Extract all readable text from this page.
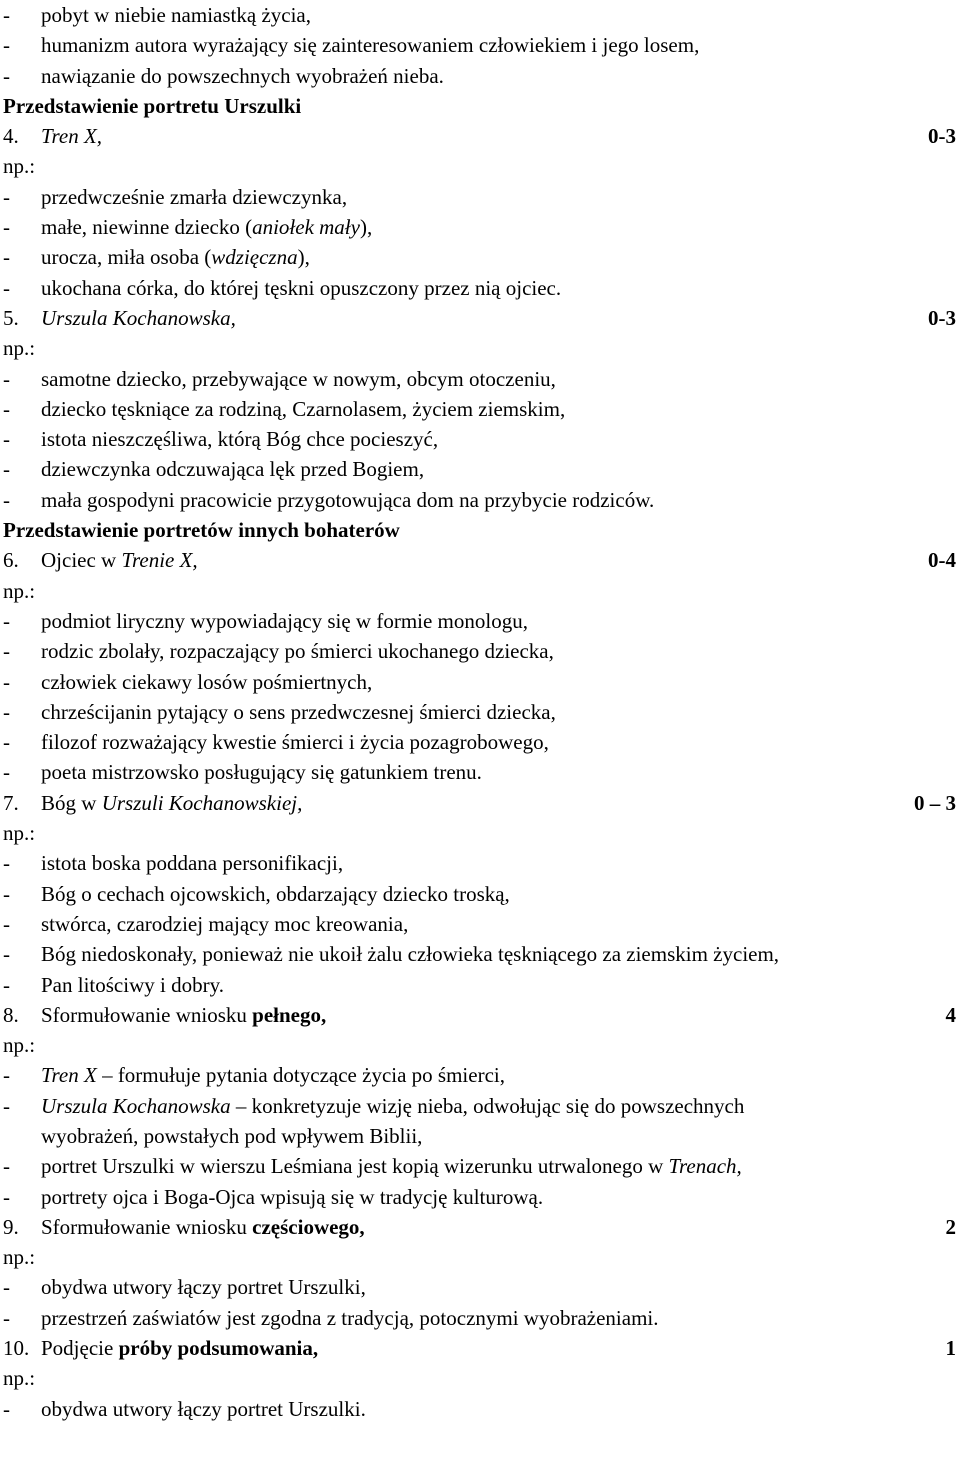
-	pobyt w niebie namiastką życia,
-	humanizm autora wyrażający się zainteresowaniem człowiekiem i jego losem,
-	nawiązanie do powszechnych wyobrażeń nieba.
Przedstawienie portretu Urszulki
4.	Tren X,	0-3
np.:
-	przedwcześnie zmarła dziewczynka,
-	małe, niewinne dziecko (aniołek mały),
-	urocza, miła osoba (wdzięczna),
-	ukochana córka, do której tęskni opuszczony przez nią ojciec.
5.	Urszula Kochanowska,	0-3
np.:
-	samotne dziecko, przebywające w nowym, obcym otoczeniu,
-	dziecko tęskniące za rodziną, Czarnolasem, życiem ziemskim,
-	istota nieszczęśliwa, którą Bóg chce pocieszyć,
-	dziewczynka odczuwająca lęk przed Bogiem,
-	mała gospodyni pracowicie przygotowująca dom na przybycie rodziców.
Przedstawienie portretów innych bohaterów
6.	Ojciec w Trenie X,	0-4
np.:
-	podmiot liryczny wypowiadający się w formie monologu,
-	rodzic zbolały, rozpaczający po śmierci ukochanego dziecka,
-	człowiek ciekawy losów pośmiertnych,
-	chrześcijanin pytający o sens przedwczesnej śmierci dziecka,
-	filozof rozważający kwestie śmierci i życia pozagrobowego,
-	poeta mistrzowsko posługujący się gatunkiem trenu.
7.	Bóg w Urszuli Kochanowskiej,	0 – 3
np.:
-	istota boska poddana personifikacji,
-	Bóg o cechach ojcowskich, obdarzający dziecko troską,
-	stwórca, czarodziej mający moc kreowania,
-	Bóg niedoskonały, ponieważ nie ukoił żalu człowieka tęskniącego za ziemskim życiem,
-	Pan litościwy i dobry.
8.	Sformułowanie wniosku pełnego,	4
np.:
-	Tren X – formułuje pytania dotyczące życia po śmierci,
-	Urszula Kochanowska – konkretyzuje wizję nieba, odwołując się do powszechnych
wyobrażeń, powstałych pod wpływem Biblii,
-	portret Urszulki w wierszu Leśmiana jest kopią wizerunku utrwalonego w Trenach,
-	portrety ojca i Boga-Ojca wpisują się w tradycję kulturową.
9.	Sformułowanie wniosku częściowego,	2
np.:
-	obydwa utwory łączy portret Urszulki,
-	przestrzeń zaświatów jest zgodna z tradycją, potocznymi wyobrażeniami.
10. Podjęcie próby podsumowania,	1
np.:
-	obydwa utwory łączy portret Urszulki.
